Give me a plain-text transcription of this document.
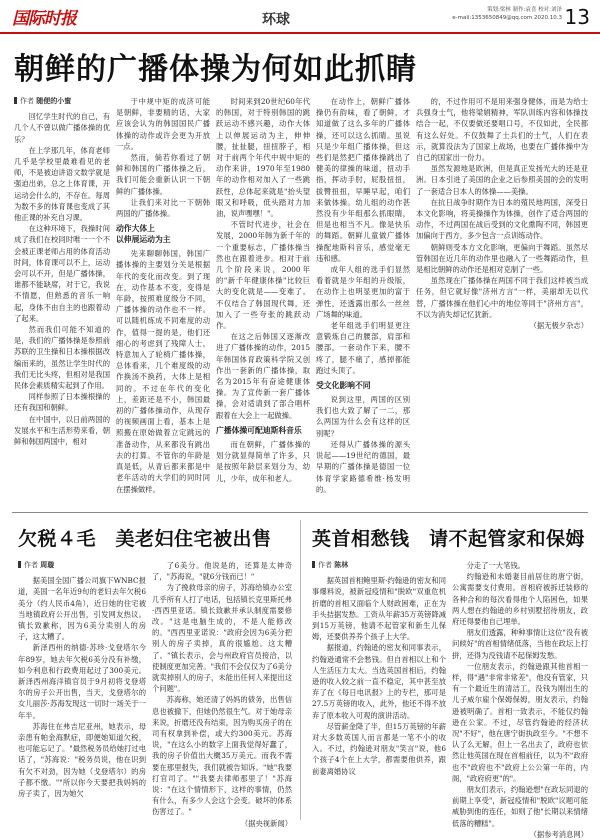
国际时报	环球
策划:梁林 制作:袁喜 校对:刘泽
e-mail:1353650849@qq.com 2020.10.3 13
朝鲜的广播体操为何如此抓睛
作者 随便的小蜜

回忆学生时代的自己，有几个人不曾以做广播体操的优乐？

在上学那几年，体育老师几乎是学校里最难看见的老师，不是被迫讲语文数学就是强迫出弟，总之上体育课，开运动会什么的，不存在。每周为数不多的体育课也变成了其他正课的补充自习课。

在这种环境下，我操时间成了我们在校同时唯一一个不会被正课老师占用的体育活动时间，体育课可以不上，运动会可以不开，但是广播体操，谁都不能缺席，对于它，我说不情愿，但熟悉的音乐一响起，身体不由自主的也跟着动了起来。

然而我们可能不知道的是，我们的广播体操是参照前苏联的卫生操和日本操根据改编而来的，虽然让学生时代的我们无比头疼，但相对是我国民体会素质精实起到了作用。

同样参照了日本操根操的还有我国和朝鲜。

在中国中，以日前两国的发展水平和生活形势来看，朝鲜和韩国两国中，相对

于中规中矩的成济可能是朝鲜，非要精的话，大家应该会认为的韩国国民广播体操的动作或许会更为开放一点。

然而，倘若你看过了朝鲜和韩国的广播体操之后，我们可能会重新认识一下朝鲜的广播体操。

让我们来对比一下朝韩两国的广播体操。

动作大体上
以伸展运动为主

先来聊聊韩国，韩国广播体操的主要划分关是根据年代的变化而改变。到了现在，动作基本不变，变得是年龄，按照难度级分不同，广播体操的动作也不一样。可以随机练成不同难度的动作，值得一提的是，他们还细心的考虑到了残障人士，特意加入了轮椅广播体操，总体看来，几个难度级的动作换汤不换药，大体上是相同的。不过在年代的变化上，差距还是不小，韩国最初的广播体操动作，从现存的视频画面上看，基本上是照搬在原始做着立定跳远的准备动作，从来都没有跳出去的打算。不管你的年龄是真是低，从青后都来都是中老年活动的大学们的同时同在摆操做样。

时间来到20世纪60年代的韩国，对于特别韩国的跳跃运动不感兴趣，动作大体上以伸展运动为主，伸伸腰，扯扯腿，扭扭脖子，相对于前两个年代中规中矩的动作来讲，1970年至1980年的动作相对加入了一些跳跃性，总体起来就是"抬头望眼又和呼吸，低头踏对力加油，说声嘿嘿！"。

不管时代进步，社会在发展，2000年韩为新千年的一个重要标志，广播体操当然也在跟着进步。相对于前几个阶段来说，2000年的"新千年健康体操"比较巨大的变化就是——变难了。不仅结合了韩国现代舞，还加入了一些夸张的跳跃动作。

在这之后韩国又逐渐改进了广播体操的动作，2015年韩国体育政策科学院又创作出一套新的广播体操，取名为2015年有奋途健康体操。为了宣传新一套广播体操，会对适请到了部合唱杯跟着在大会上一起做操。

广播体操可配迪斯科音乐

而在朝鲜，广播体操的划分就显得简单了许多，只是按照年龄层来划分为，幼儿，少年，成年和老人。

在动作上，朝鲜广播体操仍有韵味，看了朝鲜，才知道做了这么多年的广播体操，还可以这么抓睛。虽说只是少年组广播体操，但这些们是然把广播体操跳出了健美的律操的味道，扭动手指，挥动手肘，屁股扭扭，拔臀扭扭，早睡早起，咱们来做体操。幼儿组的动作甚然没有少年组那么抓眼睛，但是也相当不凡。像是快乐的舞蹈。朝鲜儿童做广播体操配地斯科音乐，感觉毫无违和感。

成年人组的选手们显然看着就是少年组的升级版，在动作上也明显更加的富于弹性，还透露出那么一丝丝广场舞的味道。

老年组选手们明显更注意锻炼自己的腰部，肩部和腰部，一套动作下来，腰不疼了，腿不痛了，感掉都能跑过头顶了。

受文化影响不同

说到这里，两国的区别我们也大致了解了一二，那么两国为什么会有这样的区别呢？

还得从广播体操的源头说起——19世纪的德国，最早期的广播体操是德国一位体育学家路德希维·杨发明的。

的，不过作用可不是用来强身健体，而是为给士兵强身士气，他将梁娟精神，军队训练内容和体操技结合一起，不仅要做还要唱口号，不仅如此，全民都有这么好处。不仅鼓舞了士兵们的士气，人们在表示，就算没法为了国家上战场，也要在广播体操中为自己的国家出一份力。

虽然发源地是欧洲，但是真正发扬光大的还是亚洲。日本引进了美国的企业之后参照美国的会的发明了一套适合日本人的体操——美操。

在抗日战争时期作为日本的殖民地两国，深受日本文化影响，将美操操作为体操，创作了适合两国的动作，不过两国在战后受到的文化熏陶不同，韩国更加偏向于西方，多少包含一点训练动作。

朝鲜则受本方文化影响，更偏向于舞蹈。虽然尽管韩国在近几年的动作里也融入了一些舞蹈动作，但是相比朝鲜的动作还是相对克制了一些。

虽然现在广播体操在两国不同于我们这样被当成任务，但它就好像"济州方言"一样，美丽却无以代替，广播体操在他们心中的地位等同于"济州方言"，不以为消失却记忆犹新。

（据无极夕杂志）
欠税４毛　美老妇住宅被出售
作者 周璇

据美国全国广播公司旗下WNBC报道，美国一名年近9旬的老妇去年欠税6美分（约人民币4角），近日她的住宅被当地镇政府公开出售，引发网友热议。镇长致歉称，因为6美分卖别人的房子，这太糟了。

新泽西州的纳德·苏珍·戈登塔尔今年89岁，她去年欠税6美分没有补缴，如今利息和行政费用起过了300美元。新泽西州海洋镇官员于9月初将戈登塔尔的房子公开出售，当天，戈登塔尔的女儿丽莎·苏海发现这一切时一场关于一年半。

苏海住在弗吉尼亚州，她表示，母亲患有帕金海默症，即便她知道欠税，也可能忘记了。"最然税务员给她打过电话了，"苏海说："税务员说，他在识到有欠不对劲，因为她（戈登塔尔）的房子都不缴。""所以你今天要把我妈妈的房子卖了，因为她欠

了6美分。他说是的，还算是太神奇了，"苏海说，"就6分钱而已！"

为了挽救母亲的房子，苏海给镇办公室几乎所有人打了电话，包括镇长克里斯托弗·西西里亚诺。镇长致歉并承认制度需要修改。"这是电脑生成的，不是人能修改的。"西西里亚诺说："政府会因为6美分把别人的房子卖掉，真的很尴尬。这太糟了。"镇长表示，会与州政府官员接洽，以使制度更加完善。"我们不会仅仅为了6美分就卖掉别人的房子，未能出任何人来提出这个问题"。

苏海称，她还清了妈妈的债务，出售信息也被撤下，但她仍然很生气。对于她母亲来说，折磨还没有结束，因为购买房子的在司有权拿到补偿，或大约300美元。苏海说，"在这么小的数字上面我觉得好蠢了，我的房子价值出大概35万美元。而我不需要在那里报失，我们就被告知诉。"她"我要打官司了。""我要去律师那里了！"苏海说："在这个情情形下，这样的事情，仍然有什么，有多少人会这个会变。破坏的体系伤害过了。"

（据央视新闻）
英首相愁钱　请不起管家和保姆
作者 陈林

据英国首相鲍里斯·约翰逊的密友和同事爆料说，被新冠疫情和"脱欧"双重危机折磨的首相又面临个人财政困难，正在为手头拮据发愁。工资从年薪35万英镑降减到15万英镑，他请不起管家和新生儿保姆，还要供养养个孩子上大学。

据报道，约翰逊的密友和同事表示，约翰逊通常不会愁钱。但自首相以上和个人生活压力太大。当选英国首相后，约翰逊的收入较之前一直不稳定，其中甚至放弃了在《每日电讯报》上的专栏，那可是27.5万英镑的收入，此外，他还不得不放弃了原本收入可观的演讲活动。

尽管薪金降了半，但15万英镑的年薪对大多数英国人而言都是一笔不小的收入。不过，约翰逊对朋友"笑言"说，他6个孩子4个在上大学，都需要他供养，跟前妻离婚协议

分走了一大笔钱。

约翰逊和未婚妻目前居住的唐宁街，公寓需要支付费用。首相府被拆迁装修的各种合和的每次看得他个人陷困色，如果两人想在约翰逊的乡村别墅招待朋友，政府还得要他自己埋单。

朋友们透露，种种事情让这位"没有被问候好"的首相情绪低落，当他在政坛上打拼，还得为没钱请不起保姆发愁。

一位朋友表示，约翰逊跟其他首相一样，得"遇"非常非常差"，他没有管家，只有一个最近生的清洁工，没钱为刚出生的儿子威尔雇个保姆保姆，朋友表示，约翰逊被明确了。首相一致表示，不能仅约翰逊在公家。不过，尽管约翰逊的经济状况"不好"，他在唐宁街执政至今。"不想不认了么无解，但上一名出去了，政府也依然让他英国在现在首相前任，以为不"政府也不"政府也不"政府上公公第一年的，内阁，"政府府更"的"。

朋友们表示，约翰逊想"在政坛同退的前期上享受"，新冠疫情和"脱欧"议题可能威胁到他的连任，如则了他"长期以来情绪低落的糟糕"。

（据参考消息网）
